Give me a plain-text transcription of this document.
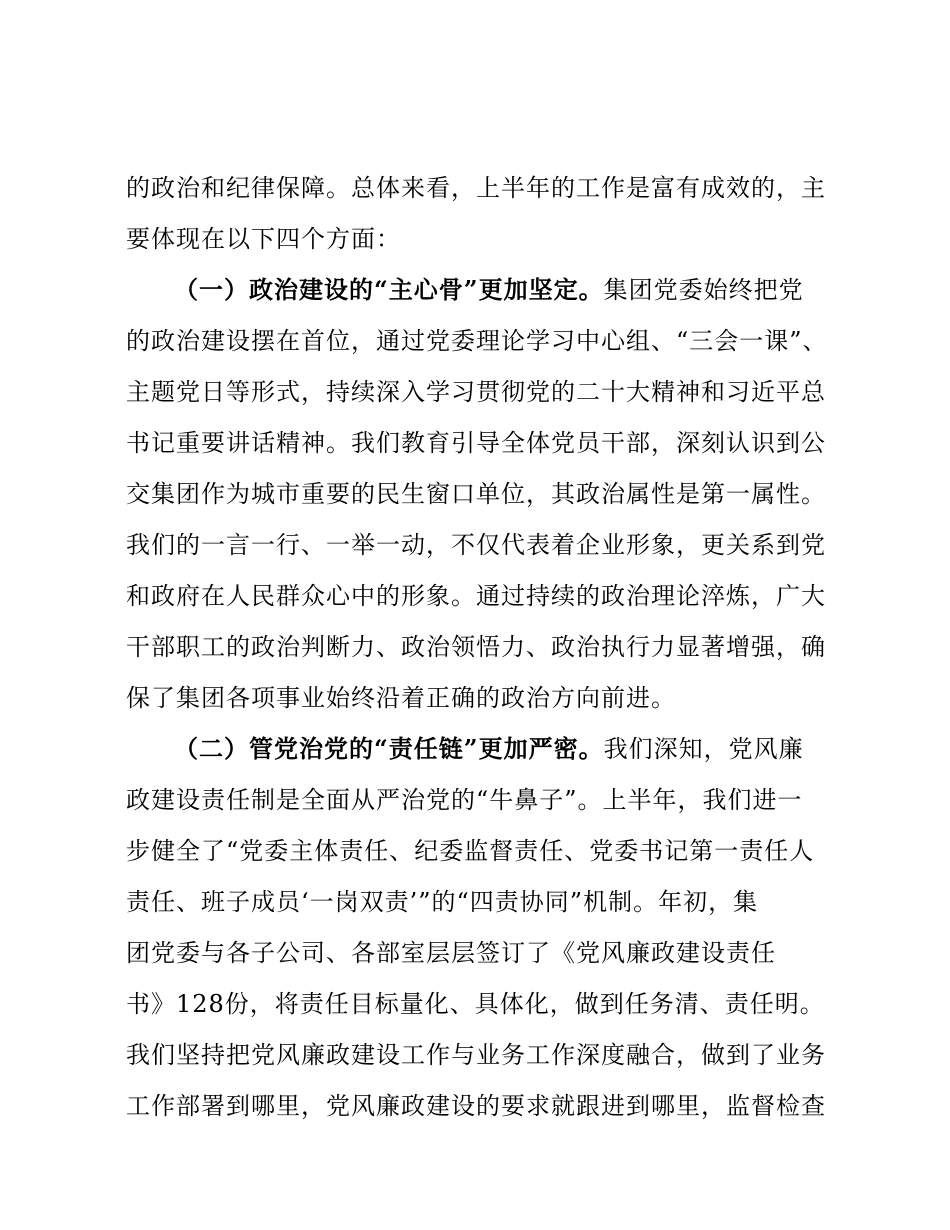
的政治和纪律保障。总体来看，上半年的工作是富有成效的，主
要体现在以下四个方面：
（一）政治建设的“主心骨”更加坚定。集团党委始终把党
的政治建设摆在首位，通过党委理论学习中心组、“三会一课”、
主题党日等形式，持续深入学习贯彻党的二十大精神和习近平总
书记重要讲话精神。我们教育引导全体党员干部，深刻认识到公
交集团作为城市重要的民生窗口单位，其政治属性是第一属性。
我们的一言一行、一举一动，不仅代表着企业形象，更关系到党
和政府在人民群众心中的形象。通过持续的政治理论淬炼，广大
干部职工的政治判断力、政治领悟力、政治执行力显著增强，确
保了集团各项事业始终沿着正确的政治方向前进。
（二）管党治党的“责任链”更加严密。我们深知，党风廉
政建设责任制是全面从严治党的“牛鼻子”。上半年，我们进一
步健全了“党委主体责任、纪委监督责任、党委书记第一责任人
责任、班子成员‘一岗双责’”的“四责协同”机制。年初，集
团党委与各子公司、各部室层层签订了《党风廉政建设责任
书》128份，将责任目标量化、具体化，做到任务清、责任明。
我们坚持把党风廉政建设工作与业务工作深度融合，做到了业务
工作部署到哪里，党风廉政建设的要求就跟进到哪里，监督检查
